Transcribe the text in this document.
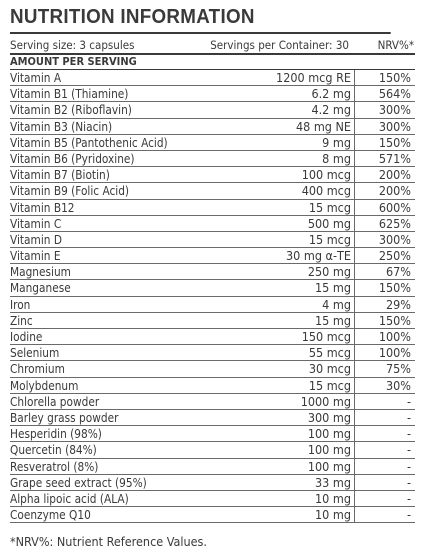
NUTRITION INFORMATION
Serving size: 3 capsules	Servings per Container: 30	NRV%*
AMOUNT PER SERVING
Vitamin A	1200 mcg RE	150%
Vitamin B1 (Thiamine)	6.2 mg	564%
Vitamin B2 (Riboflavin)	4.2 mg	300%
Vitamin B3 (Niacin)	48 mg NE	300%
Vitamin B5 (Pantothenic Acid)	9 mg	150%
Vitamin B6 (Pyridoxine)	8 mg	571%
Vitamin B7 (Biotin)	100 mcg	200%
Vitamin B9 (Folic Acid)	400 mcg	200%
Vitamin B12	15 mcg	600%
Vitamin C	500 mg	625%
Vitamin D	15 mcg	300%
Vitamin E	30 mg α-TE	250%
Magnesium	250 mg	67%
Manganese	15 mg	150%
Iron	4 mg	29%
Zinc	15 mg	150%
Iodine	150 mcg	100%
Selenium	55 mcg	100%
Chromium	30 mcg	75%
Molybdenum	15 mcg	30%
Chlorella powder	1000 mg	-
Barley grass powder	300 mg	-
Hesperidin (98%)	100 mg	-
Quercetin (84%)	100 mg	-
Resveratrol (8%)	100 mg	-
Grape seed extract (95%)	33 mg	-
Alpha lipoic acid (ALA)	10 mg	-
Coenzyme Q10	10 mg	-
*NRV%: Nutrient Reference Values.
